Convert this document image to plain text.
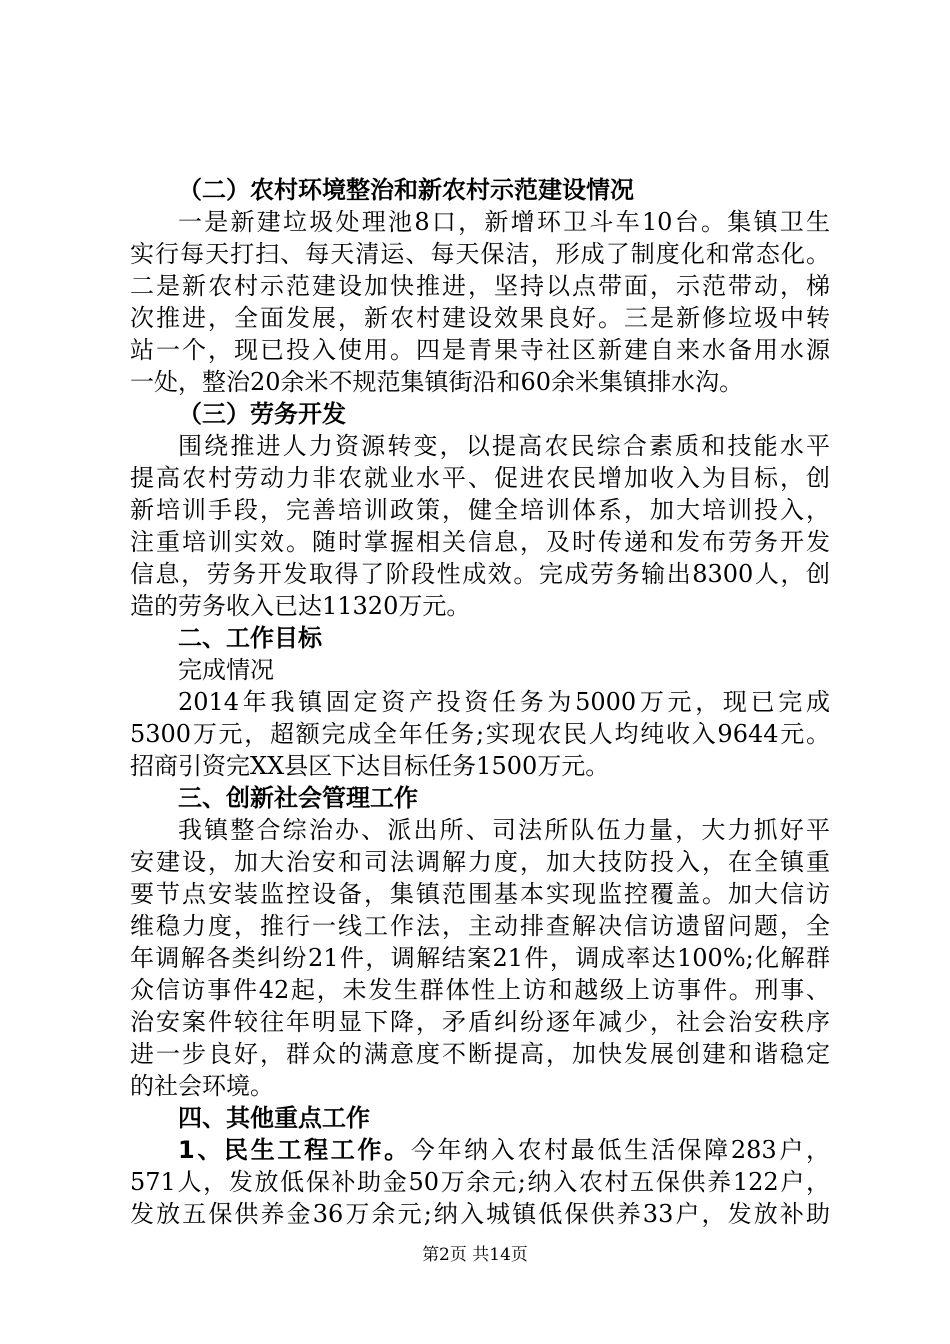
（二）农村环境整治和新农村示范建设情况
一是新建垃圾处理池8口，新增环卫斗车10台。集镇卫生
实行每天打扫、每天清运、每天保洁，形成了制度化和常态化。
二是新农村示范建设加快推进，坚持以点带面，示范带动，梯
次推进，全面发展，新农村建设效果良好。三是新修垃圾中转
站一个，现已投入使用。四是青果寺社区新建自来水备用水源
一处，整治20余米不规范集镇街沿和60余米集镇排水沟。
（三）劳务开发
围绕推进人力资源转变，以提高农民综合素质和技能水平
提高农村劳动力非农就业水平、促进农民增加收入为目标，创
新培训手段，完善培训政策，健全培训体系，加大培训投入，
注重培训实效。随时掌握相关信息，及时传递和发布劳务开发
信息，劳务开发取得了阶段性成效。完成劳务输出8300人，创
造的劳务收入已达11320万元。
二、工作目标
完成情况
2014年我镇固定资产投资任务为5000万元，现已完成
5300万元，超额完成全年任务;实现农民人均纯收入9644元。
招商引资完XX县区下达目标任务1500万元。
三、创新社会管理工作
我镇整合综治办、派出所、司法所队伍力量，大力抓好平
安建设，加大治安和司法调解力度，加大技防投入，在全镇重
要节点安装监控设备，集镇范围基本实现监控覆盖。加大信访
维稳力度，推行一线工作法，主动排查解决信访遗留问题，全
年调解各类纠纷21件，调解结案21件，调成率达100%;化解群
众信访事件42起，未发生群体性上访和越级上访事件。刑事、
治安案件较往年明显下降，矛盾纠纷逐年减少，社会治安秩序
进一步良好，群众的满意度不断提高，加快发展创建和谐稳定
的社会环境。
四、其他重点工作
1、民生工程工作。今年纳入农村最低生活保障283户，
571人，发放低保补助金50万余元;纳入农村五保供养122户，
发放五保供养金36万余元;纳入城镇低保供养33户，发放补助
第2页 共14页
